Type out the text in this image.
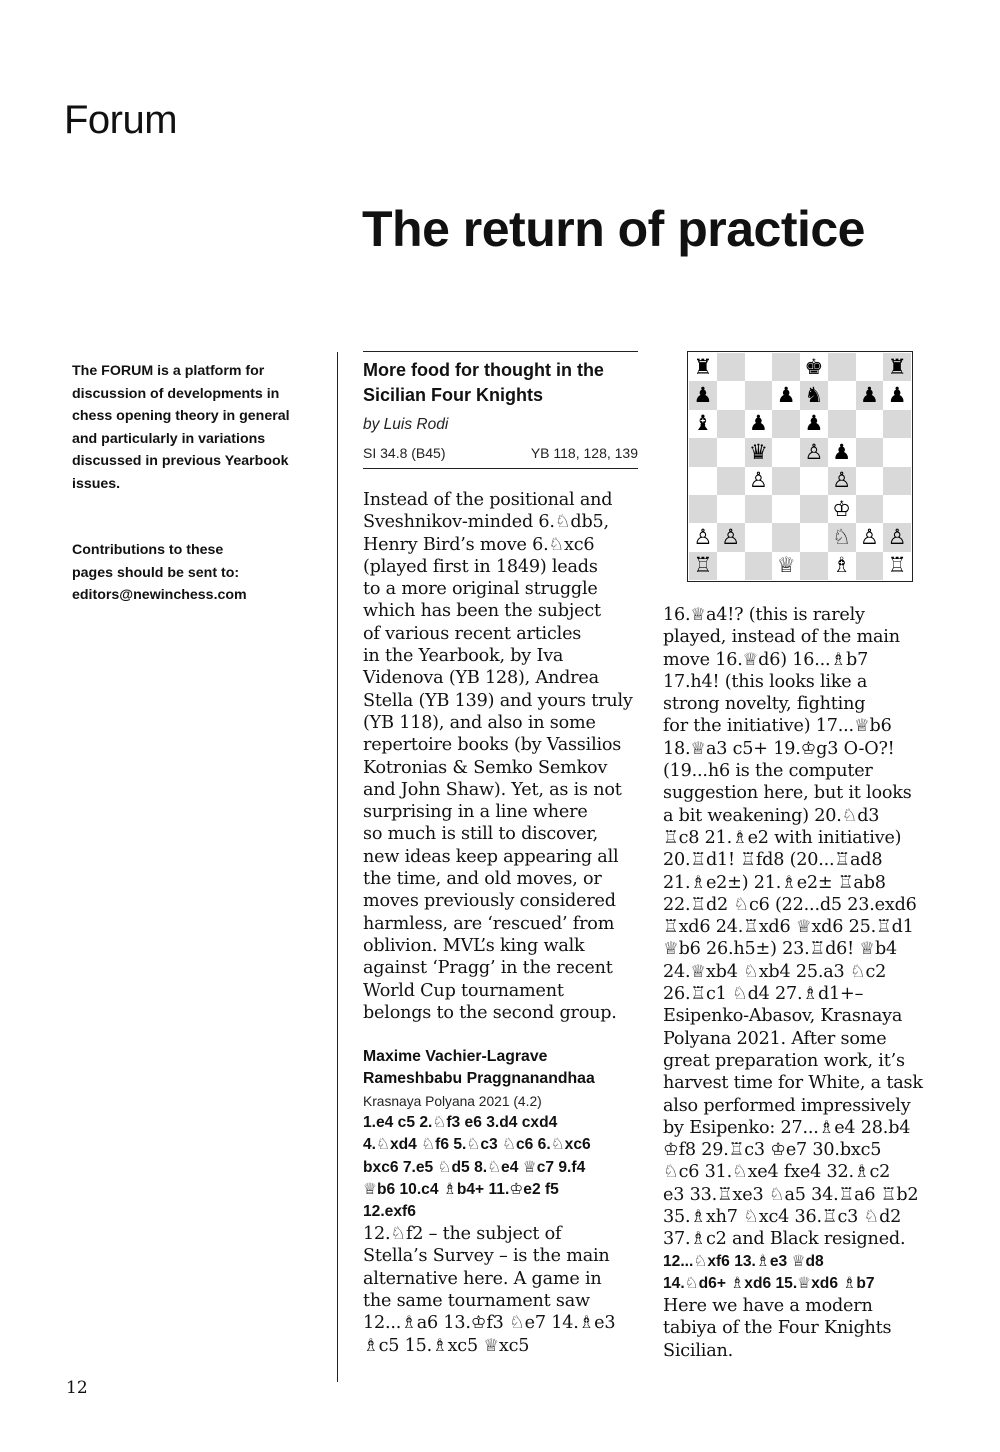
Forum
The return of practice

The FORUM is a platform for
discussion of developments in
chess opening theory in general
and particularly in variations
discussed in previous Yearbook
issues.

Contributions to these
pages should be sent to:
editors@newinchess.com

More food for thought in the
Sicilian Four Knights
by Luis Rodi
SI 34.8 (B45)	YB 118, 128, 139

Instead of the positional and
Sveshnikov-minded 6.♘db5,
Henry Bird’s move 6.♘xc6
(played first in 1849) leads
to a more original struggle
which has been the subject
of various recent articles
in the Yearbook, by Iva
Videnova (YB 128), Andrea
Stella (YB 139) and yours truly
(YB 118), and also in some
repertoire books (by Vassilios
Kotronias & Semko Semkov
and John Shaw). Yet, as is not
surprising in a line where
so much is still to discover,
new ideas keep appearing all
the time, and old moves, or
moves previously considered
harmless, are ‘rescued’ from
oblivion. MVL’s king walk
against ‘Pragg’ in the recent
World Cup tournament
belongs to the second group.

Maxime Vachier-Lagrave
Rameshbabu Praggnanandhaa
Krasnaya Polyana 2021 (4.2)
1.e4 c5 2.♘f3 e6 3.d4 cxd4
4.♘xd4 ♘f6 5.♘c3 ♘c6 6.♘xc6
bxc6 7.e5 ♘d5 8.♘e4 ♕c7 9.f4
♕b6 10.c4 ♗b4+ 11.♔e2 f5
12.exf6

12.♘f2 – the subject of
Stella’s Survey – is the main
alternative here. A game in
the same tournament saw
12...♗a6 13.♔f3 ♘e7 14.♗e3
♗c5 15.♗xc5 ♕xc5

♜	♚	♜
♟	♟ ♞ ♟ ♟
♝ ♟ ♟
♛ ♙ ♟
♙	♙
♔
♙ ♙	♘ ♙ ♙
♖	♕ ♗ ♖

16.♕a4!? (this is rarely
played, instead of the main
move 16.♕d6) 16...♗b7
17.h4! (this looks like a
strong novelty, fighting
for the initiative) 17...♕b6
18.♕a3 c5+ 19.♔g3 O-O?!
(19...h6 is the computer
suggestion here, but it looks
a bit weakening) 20.♘d3
♖c8 21.♗e2 with initiative)
20.♖d1! ♖fd8 (20...♖ad8
21.♗e2±) 21.♗e2± ♖ab8
22.♖d2 ♘c6 (22...d5 23.exd6
♖xd6 24.♖xd6 ♕xd6 25.♖d1
♕b6 26.h5±) 23.♖d6! ♕b4
24.♕xb4 ♘xb4 25.a3 ♘c2
26.♖c1 ♘d4 27.♗d1+–
Esipenko-Abasov, Krasnaya
Polyana 2021. After some
great preparation work, it’s
harvest time for White, a task
also performed impressively
by Esipenko: 27...♗e4 28.b4
♔f8 29.♖c3 ♔e7 30.bxc5
♘c6 31.♘xe4 fxe4 32.♗c2
e3 33.♖xe3 ♘a5 34.♖a6 ♖b2
35.♗xh7 ♘xc4 36.♖c3 ♘d2
37.♗c2 and Black resigned.

12...♘xf6 13.♗e3 ♕d8
14.♘d6+ ♗xd6 15.♕xd6 ♗b7

Here we have a modern
tabiya of the Four Knights
Sicilian.

12
